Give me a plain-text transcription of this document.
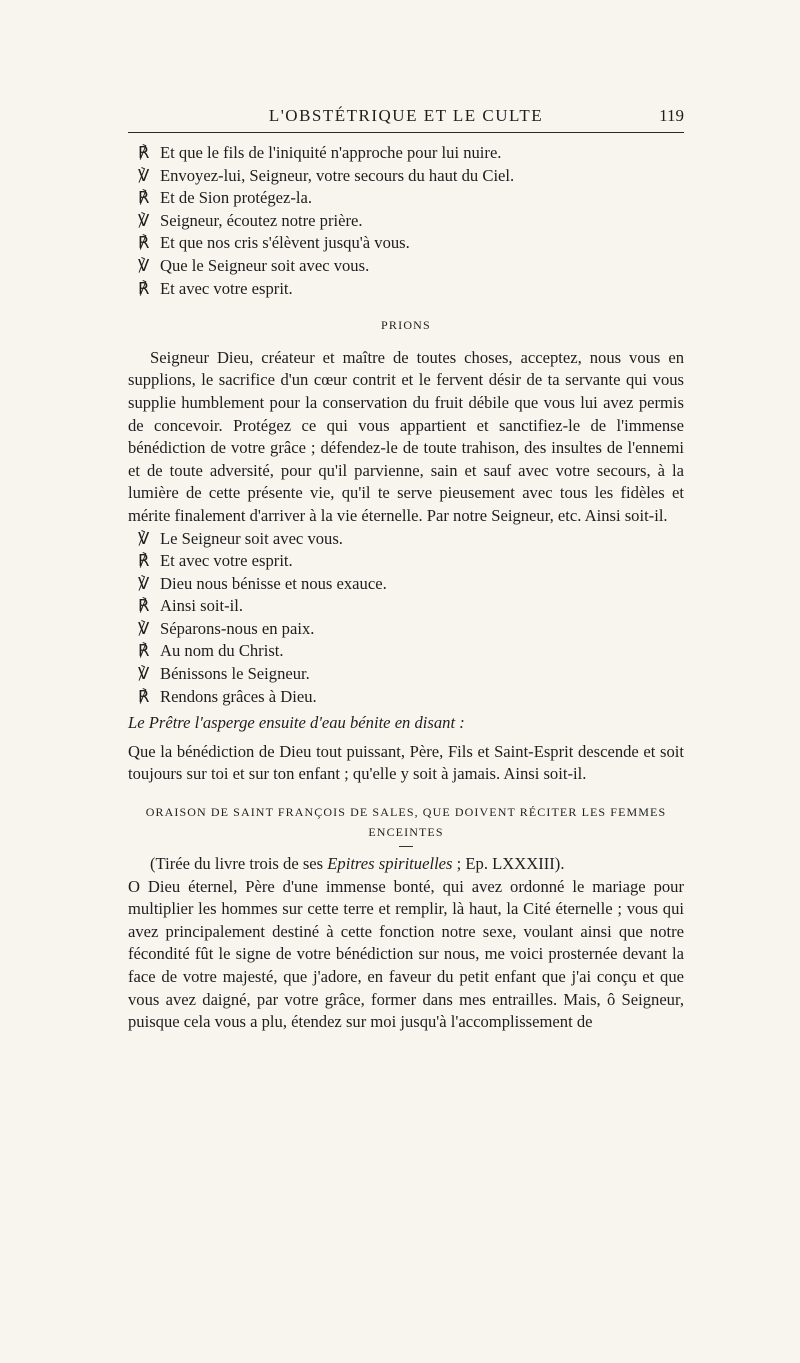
L'OBSTÉTRIQUE ET LE CULTE	119

℟ Et que le fils de l'iniquité n'approche pour lui nuire.

℣ Envoyez-lui, Seigneur, votre secours du haut du Ciel.

℟ Et de Sion protégez-la.

℣ Seigneur, écoutez notre prière.

℟ Et que nos cris s'élèvent jusqu'à vous.

℣ Que le Seigneur soit avec vous.

℟ Et avec votre esprit.

PRIONS

Seigneur Dieu, créateur et maître de toutes choses, acceptez, nous vous en supplions, le sacrifice d'un cœur contrit et le fervent désir de ta servante qui vous supplie humblement pour la conservation du fruit débile que vous lui avez permis de concevoir. Protégez ce qui vous appartient et sanctifiez-le de l'immense bénédiction de votre grâce ; défendez-le de toute trahison, des insultes de l'ennemi et de toute adversité, pour qu'il parvienne, sain et sauf avec votre secours, à la lumière de cette présente vie, qu'il te serve pieusement avec tous les fidèles et mérite finalement d'arriver à la vie éternelle. Par notre Seigneur, etc. Ainsi soit-il.

℣ Le Seigneur soit avec vous.

℟ Et avec votre esprit.

℣ Dieu nous bénisse et nous exauce.

℟ Ainsi soit-il.

℣ Séparons-nous en paix.

℟ Au nom du Christ.

℣ Bénissons le Seigneur.

℟ Rendons grâces à Dieu.

Le Prêtre l'asperge ensuite d'eau bénite en disant :

Que la bénédiction de Dieu tout puissant, Père, Fils et Saint-Esprit descende et soit toujours sur toi et sur ton enfant ; qu'elle y soit à jamais. Ainsi soit-il.

ORAISON DE SAINT FRANÇOIS DE SALES, QUE DOIVENT RÉCITER LES FEMMES ENCEINTES

(Tirée du livre trois de ses Epitres spirituelles ; Ep. LXXXIII).

O Dieu éternel, Père d'une immense bonté, qui avez ordonné le mariage pour multiplier les hommes sur cette terre et remplir, là haut, la Cité éternelle ; vous qui avez principalement destiné à cette fonction notre sexe, voulant ainsi que notre fécondité fût le signe de votre bénédiction sur nous, me voici prosternée devant la face de votre majesté, que j'adore, en faveur du petit enfant que j'ai conçu et que vous avez daigné, par votre grâce, former dans mes entrailles. Mais, ô Seigneur, puisque cela vous a plu, étendez sur moi jusqu'à l'accomplissement de
